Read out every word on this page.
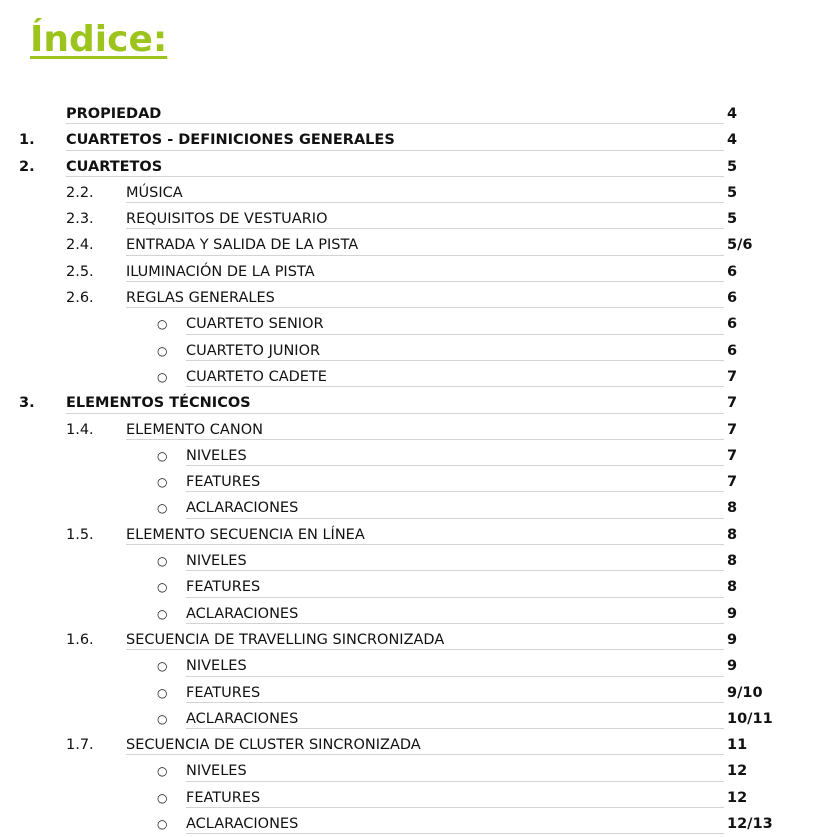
Índice:
PROPIEDAD	4
1. CUARTETOS - DEFINICIONES GENERALES	4
2. CUARTETOS	5
2.2. MÚSICA	5
2.3. REQUISITOS DE VESTUARIO	5
2.4. ENTRADA Y SALIDA DE LA PISTA	5/6
2.5. ILUMINACIÓN DE LA PISTA	6
2.6. REGLAS GENERALES	6
○ CUARTETO SENIOR	6
○ CUARTETO JUNIOR	6
○ CUARTETO CADETE	7
3. ELEMENTOS TÉCNICOS	7
1.4. ELEMENTO CANON	7
○ NIVELES	7
○ FEATURES	7
○ ACLARACIONES	8
1.5. ELEMENTO SECUENCIA EN LÍNEA	8
○ NIVELES	8
○ FEATURES	8
○ ACLARACIONES	9
1.6. SECUENCIA DE TRAVELLING SINCRONIZADA	9
○ NIVELES	9
○ FEATURES	9/10
○ ACLARACIONES	10/11
1.7. SECUENCIA DE CLUSTER SINCRONIZADA	11
○ NIVELES	12
○ FEATURES	12
○ ACLARACIONES	12/13
